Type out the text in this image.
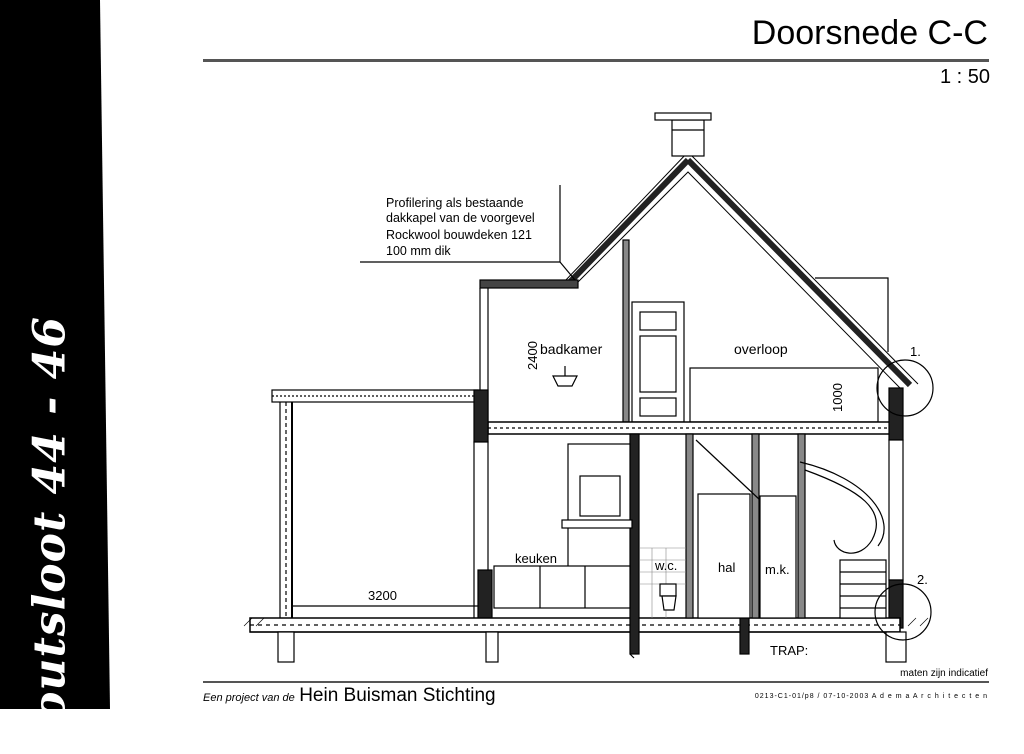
Zoutsloot 44 - 46
Doorsnede C-C
1 : 50
Profilering als bestaande
dakkapel van de voorgevel
Rockwool bouwdeken 121
100 mm dik
badkamer	overloop
keuken	w.c.	hal m.k.
2400
1000
3200
1.
2.
TRAP:
maten zijn indicatief
Een project van de Hein Buisman Stichting	0213-C1-01/p8 / 07-10-2003 A d e m a A r c h i t e c t e n
